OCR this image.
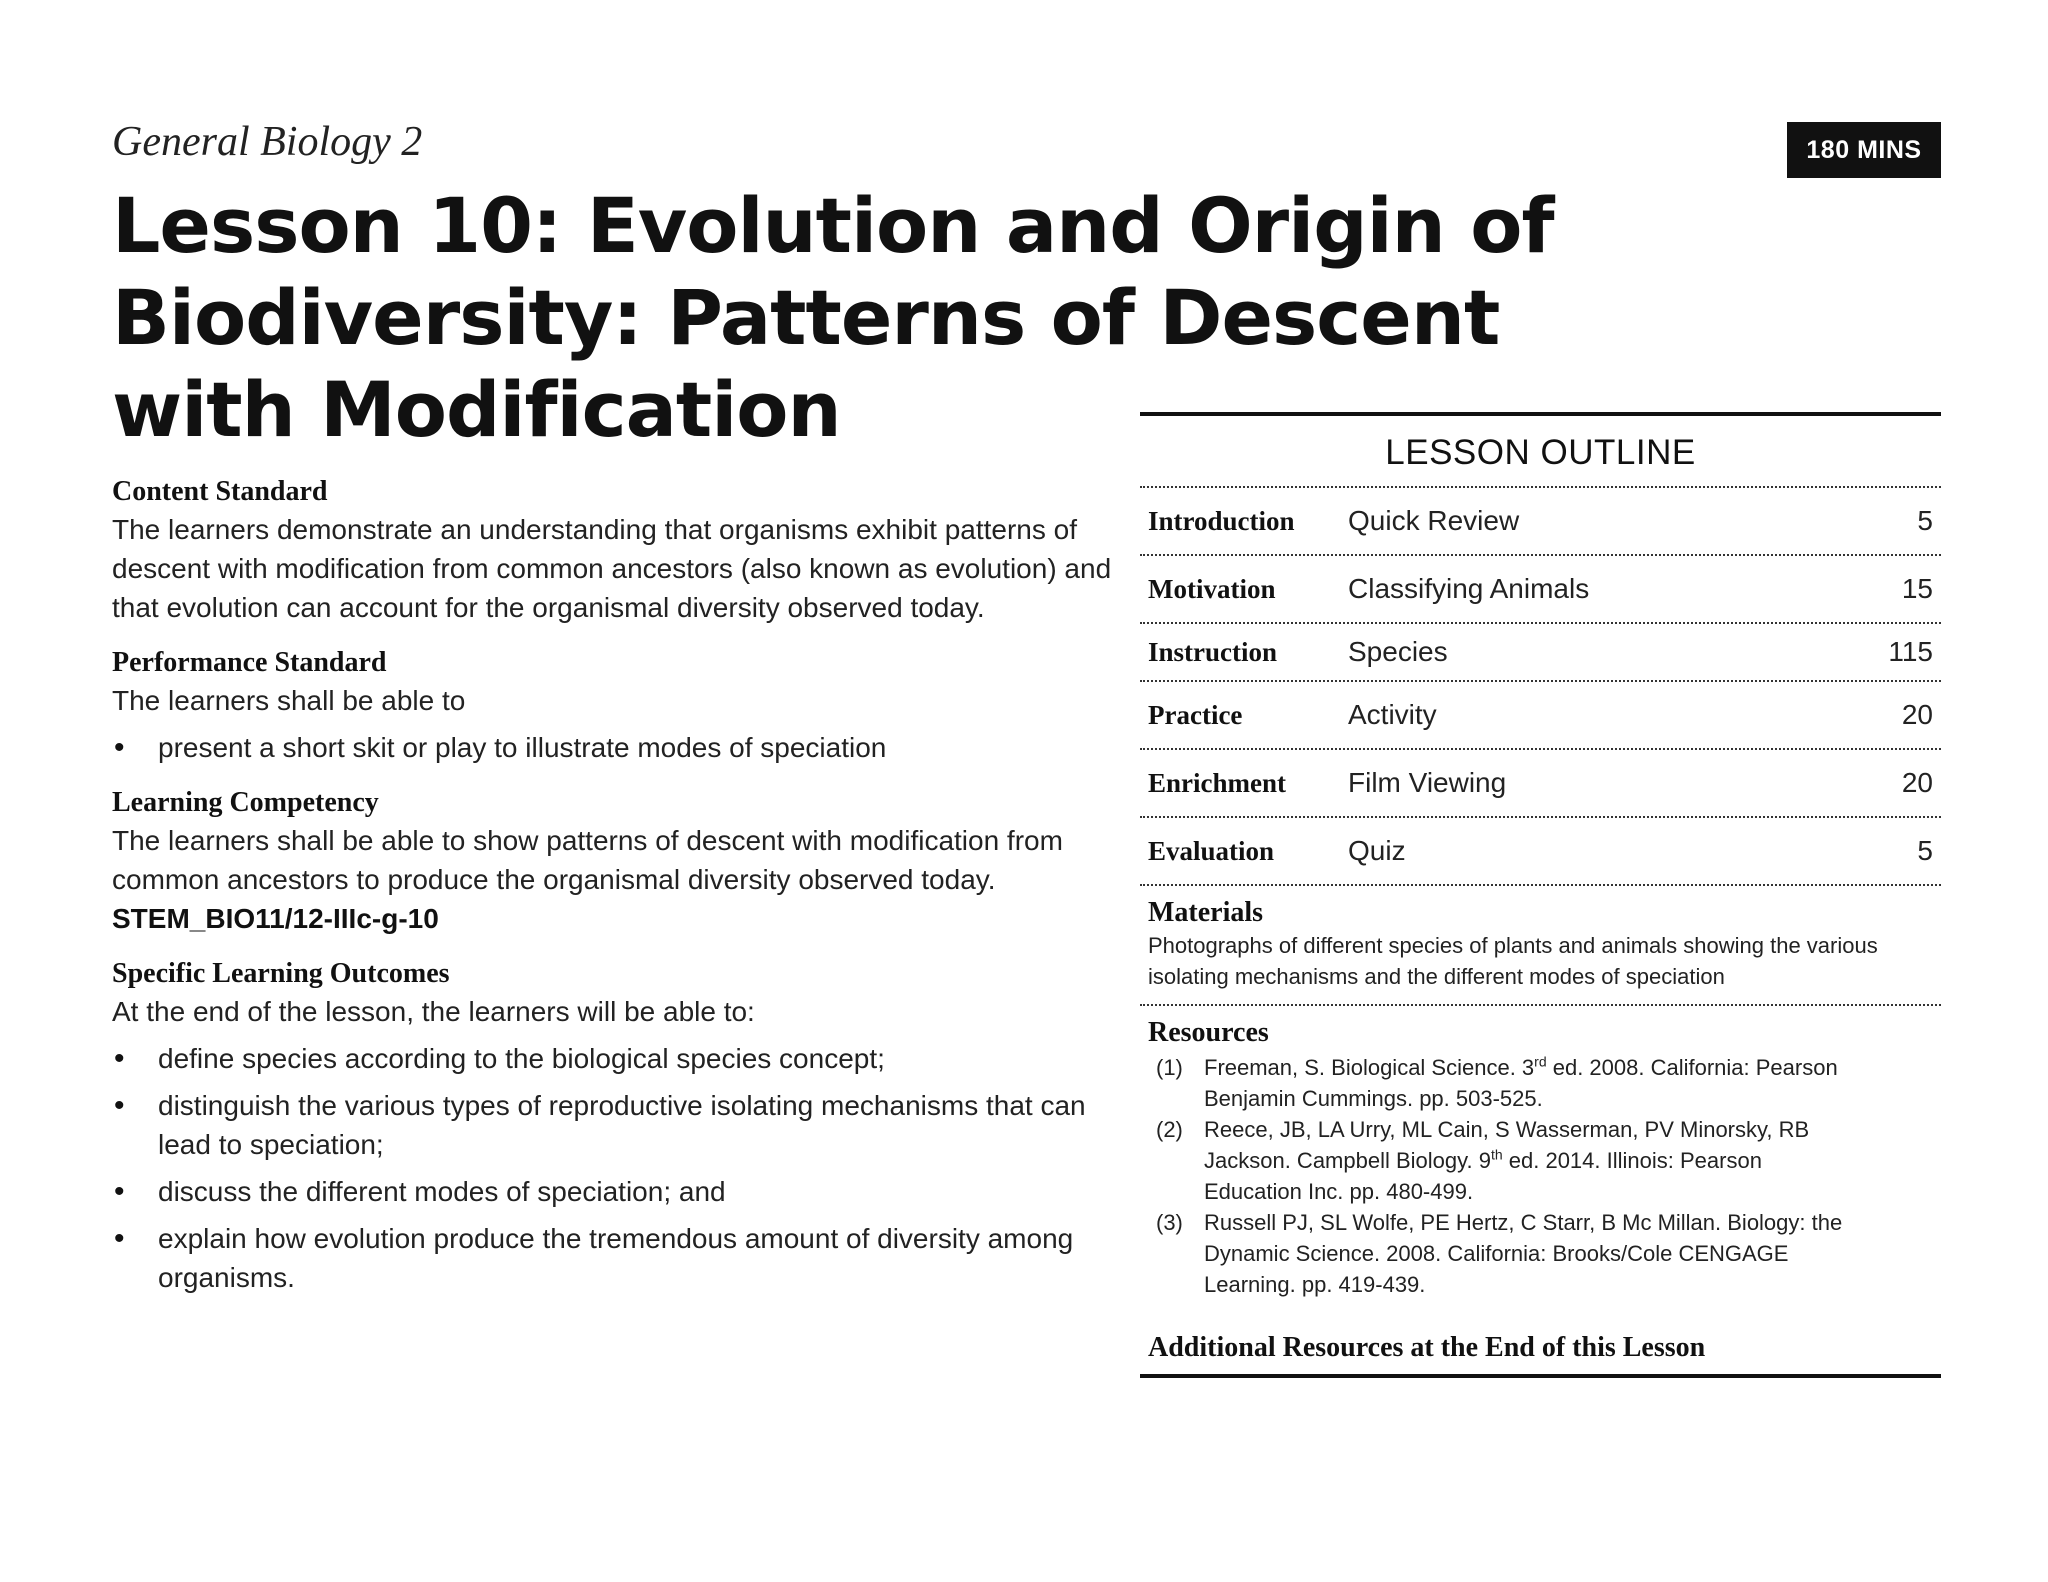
General Biology 2	180 MINS
Lesson 10: Evolution and Origin of Biodiversity: Patterns of Descent with Modification
Content Standard
The learners demonstrate an understanding that organisms exhibit patterns of descent with modification from common ancestors (also known as evolution) and that evolution can account for the organismal diversity observed today.
Performance Standard
The learners shall be able to
• present a short skit or play to illustrate modes of speciation
Learning Competency
The learners shall be able to show patterns of descent with modification from common ancestors to produce the organismal diversity observed today.
STEM_BIO11/12-IIIc-g-10
Specific Learning Outcomes
At the end of the lesson, the learners will be able to:
• define species according to the biological species concept;
• distinguish the various types of reproductive isolating mechanisms that can lead to speciation;
• discuss the different modes of speciation; and
• explain how evolution produce the tremendous amount of diversity among organisms.
LESSON OUTLINE
Introduction	Quick Review	5
Motivation	Classifying Animals	15
Instruction	Species	115
Practice	Activity	20
Enrichment	Film Viewing	20
Evaluation	Quiz	5
Materials
Photographs of different species of plants and animals showing the various isolating mechanisms and the different modes of speciation
Resources
(1) Freeman, S. Biological Science. 3rd ed. 2008. California: Pearson Benjamin Cummings. pp. 503-525.
(2) Reece, JB, LA Urry, ML Cain, S Wasserman, PV Minorsky, RB Jackson. Campbell Biology. 9th ed. 2014. Illinois: Pearson Education Inc. pp. 480-499.
(3) Russell PJ, SL Wolfe, PE Hertz, C Starr, B Mc Millan. Biology: the Dynamic Science. 2008. California: Brooks/Cole CENGAGE Learning. pp. 419-439.
Additional Resources at the End of this Lesson
